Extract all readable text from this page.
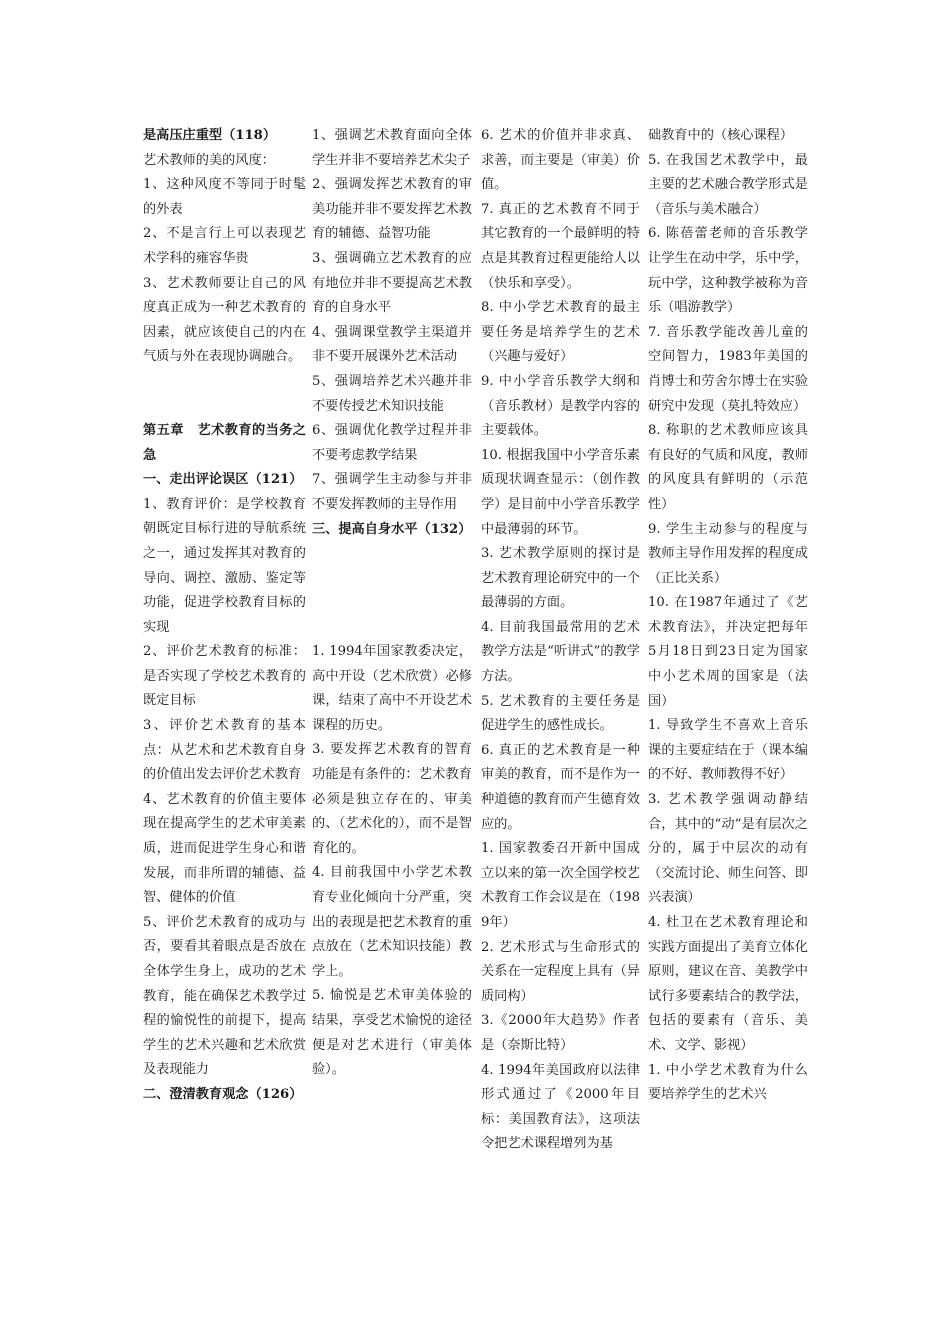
是高压庄重型（118）

艺术教师的美的风度：

1、这种风度不等同于时髦的外表

2、不是言行上可以表现艺术学科的雍容华贵

3、艺术教师要让自己的风度真正成为一种艺术教育的因素，就应该使自己的内在气质与外在表现协调融合。

第五章　艺术教育的当务之急

一、走出评论误区（121）

1、教育评价：是学校教育朝既定目标行进的导航系统之一，通过发挥其对教育的导向、调控、激励、鉴定等功能，促进学校教育目标的实现

2、评价艺术教育的标准：是否实现了学校艺术教育的既定目标

3、评价艺术教育的基本点：从艺术和艺术教育自身的价值出发去评价艺术教育

4、艺术教育的价值主要体现在提高学生的艺术审美素质，进而促进学生身心和谐发展，而非所谓的辅德、益智、健体的价值

5、评价艺术教育的成功与否，要看其着眼点是否放在全体学生身上，成功的艺术教育，能在确保艺术教学过程的愉悦性的前提下，提高学生的艺术兴趣和艺术欣赏及表现能力

二、澄清教育观念（126）

1、强调艺术教育面向全体学生并非不要培养艺术尖子

2、强调发挥艺术教育的审美功能并非不要发挥艺术教育的辅德、益智功能

3、强调确立艺术教育的应有地位并非不要提高艺术教育的自身水平

4、强调课堂教学主渠道并非不要开展课外艺术活动

5、强调培养艺术兴趣并非不要传授艺术知识技能

6、强调优化教学过程并非不要考虑教学结果

7、强调学生主动参与并非不要发挥教师的主导作用

三、提高自身水平（132）

1. 1994年国家教委决定，高中开设（艺术欣赏）必修课，结束了高中不开设艺术课程的历史。

3. 要发挥艺术教育的智育功能是有条件的：艺术教育必须是独立存在的、审美的、（艺术化的），而不是智育化的。

4. 目前我国中小学艺术教育专业化倾向十分严重，突出的表现是把艺术教育的重点放在（艺术知识技能）教学上。

5. 愉悦是艺术审美体验的结果，享受艺术愉悦的途径便是对艺术进行（审美体验）。

6. 艺术的价值并非求真、求善，而主要是（审美）价值。

7. 真正的艺术教育不同于其它教育的一个最鲜明的特点是其教育过程更能给人以（快乐和享受）。

8. 中小学艺术教育的最主要任务是培养学生的艺术（兴趣与爱好）

9. 中小学音乐教学大纲和（音乐教材）是教学内容的主要载体。

10. 根据我国中小学音乐素质现状调查显示：（创作教学）是目前中小学音乐教学中最薄弱的环节。

3. 艺术教学原则的探讨是艺术教育理论研究中的一个最薄弱的方面。

4. 目前我国最常用的艺术教学方法是“听讲式”的教学方法。

5. 艺术教育的主要任务是促进学生的感性成长。

6. 真正的艺术教育是一种审美的教育，而不是作为一种道德的教育而产生德育效应的。

1. 国家教委召开新中国成立以来的第一次全国学校艺术教育工作会议是在（1989年）

2. 艺术形式与生命形式的关系在一定程度上具有（异质同构）

3.《2000年大趋势》作者是（奈斯比特）

4. 1994年美国政府以法律形式通过了《2000年目标：美国教育法》，这项法令把艺术课程增列为基

础教育中的（核心课程）

5. 在我国艺术教学中，最主要的艺术融合教学形式是（音乐与美术融合）

6. 陈蓓蕾老师的音乐教学让学生在动中学，乐中学，玩中学，这种教学被称为音乐（唱游教学）

7. 音乐教学能改善儿童的空间智力，1983年美国的肖博士和劳舍尔博士在实验研究中发现（莫扎特效应）

8. 称职的艺术教师应该具有良好的气质和风度，教师的风度具有鲜明的（示范性）

9. 学生主动参与的程度与教师主导作用发挥的程度成（正比关系）

10. 在1987年通过了《艺术教育法》，并决定把每年5月18日到23日定为国家中小艺术周的国家是（法国）

1. 导致学生不喜欢上音乐课的主要症结在于（课本编的不好、教师教得不好）

3. 艺术教学强调动静结合，其中的“动”是有层次之分的，属于中层次的动有（交流讨论、师生问答、即兴表演）

4. 杜卫在艺术教育理论和实践方面提出了美育立体化原则，建议在音、美教学中试行多要素结合的教学法，包括的要素有（音乐、美术、文学、影视）

1. 中小学艺术教育为什么要培养学生的艺术兴
